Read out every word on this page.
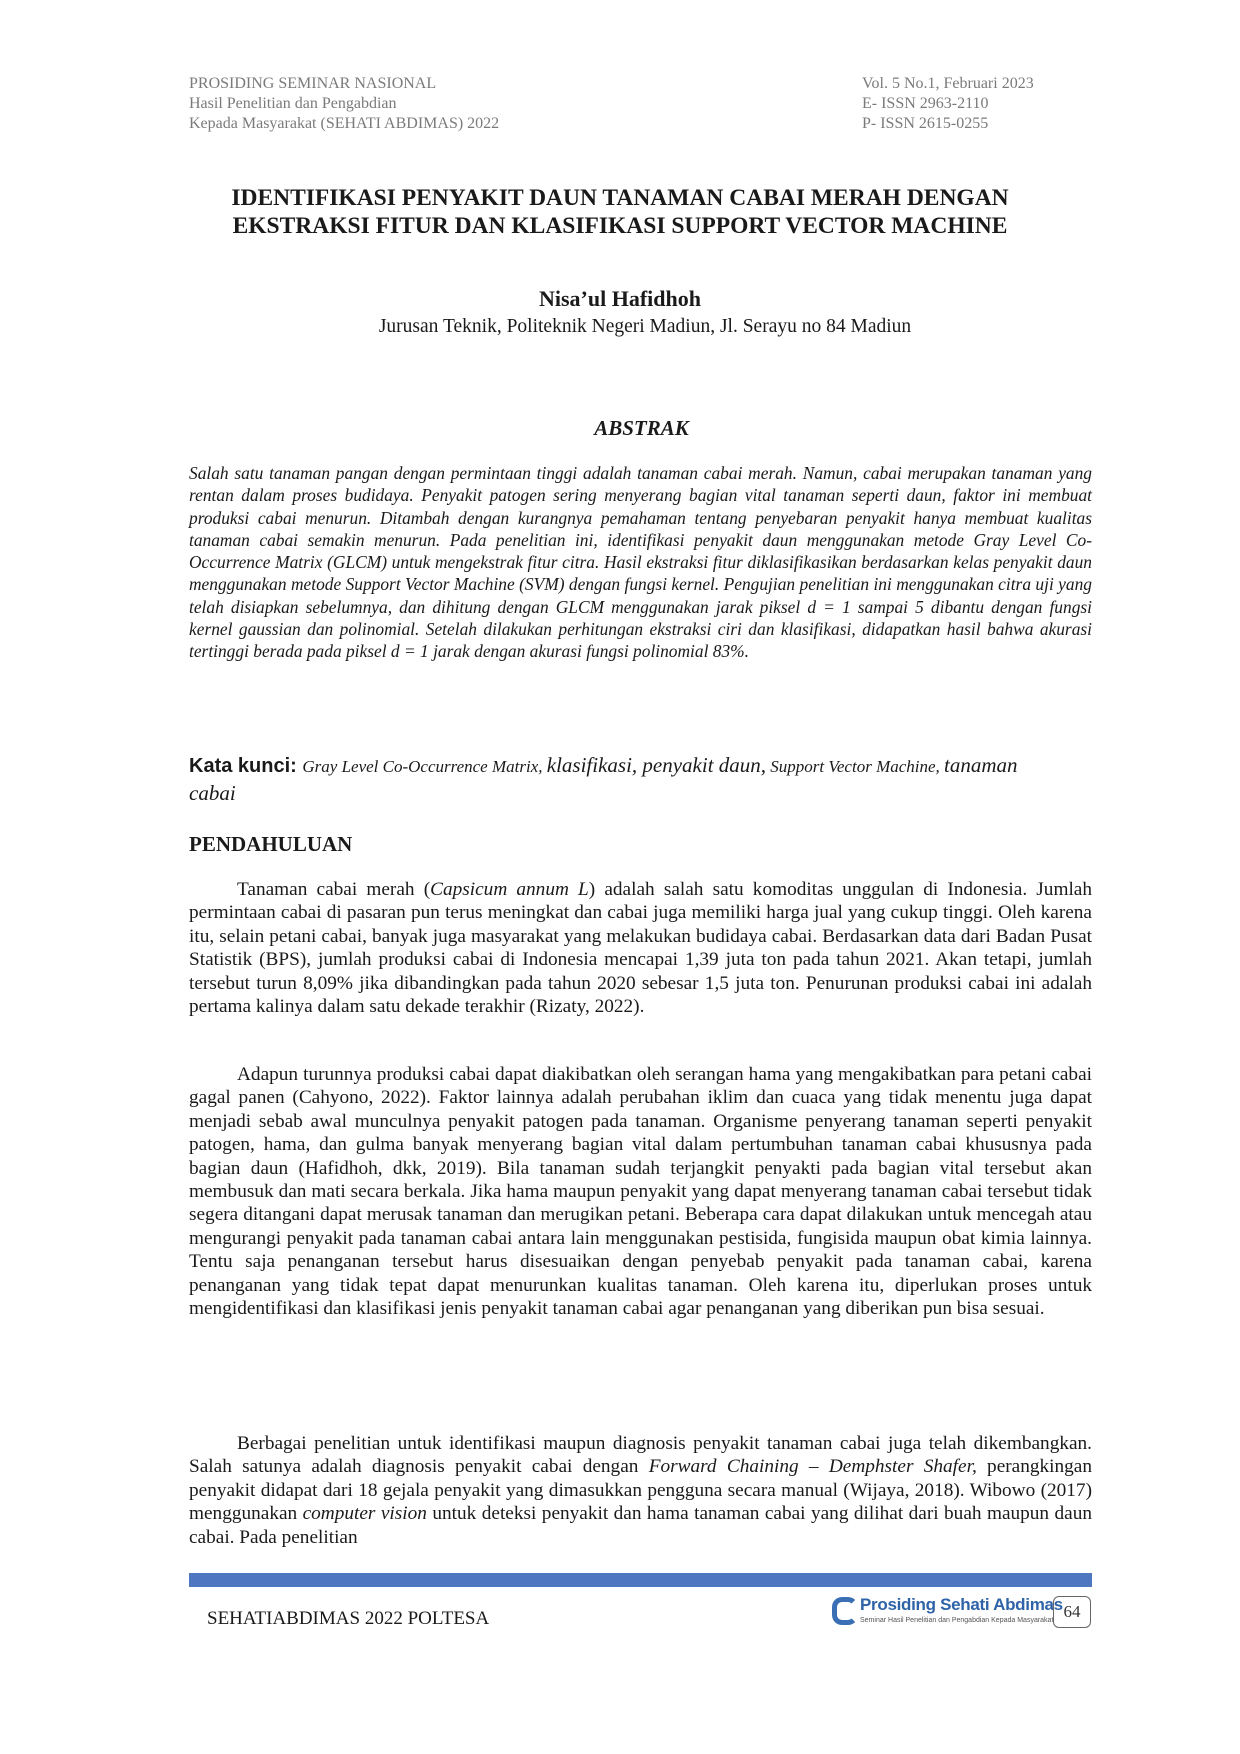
PROSIDING SEMINAR NASIONAL
Hasil Penelitian dan Pengabdian
Kepada Masyarakat (SEHATI ABDIMAS) 2022
Vol. 5 No.1, Februari 2023
E- ISSN 2963-2110
P- ISSN 2615-0255
IDENTIFIKASI PENYAKIT DAUN TANAMAN CABAI MERAH DENGAN
EKSTRAKSI FITUR DAN KLASIFIKASI SUPPORT VECTOR MACHINE
Nisa’ul Hafidhoh
Jurusan Teknik, Politeknik Negeri Madiun, Jl. Serayu no 84 Madiun
ABSTRAK

Salah satu tanaman pangan dengan permintaan tinggi adalah tanaman cabai merah. Namun, cabai merupakan tanaman yang rentan dalam proses budidaya. Penyakit patogen sering menyerang bagian vital tanaman seperti daun, faktor ini membuat produksi cabai menurun. Ditambah dengan kurangnya pemahaman tentang penyebaran penyakit hanya membuat kualitas tanaman cabai semakin menurun. Pada penelitian ini, identifikasi penyakit daun menggunakan metode Gray Level Co-Occurrence Matrix (GLCM) untuk mengekstrak fitur citra. Hasil ekstraksi fitur diklasifikasikan berdasarkan kelas penyakit daun menggunakan metode Support Vector Machine (SVM) dengan fungsi kernel. Pengujian penelitian ini menggunakan citra uji yang telah disiapkan sebelumnya, dan dihitung dengan GLCM menggunakan jarak piksel d = 1 sampai 5 dibantu dengan fungsi kernel gaussian dan polinomial. Setelah dilakukan perhitungan ekstraksi ciri dan klasifikasi, didapatkan hasil bahwa akurasi tertinggi berada pada piksel d = 1 jarak dengan akurasi fungsi polinomial 83%.

Kata kunci: Gray Level Co-Occurrence Matrix, klasifikasi, penyakit daun, Support Vector Machine, tanaman cabai
PENDAHULUAN

Tanaman cabai merah (Capsicum annum L) adalah salah satu komoditas unggulan di Indonesia. Jumlah permintaan cabai di pasaran pun terus meningkat dan cabai juga memiliki harga jual yang cukup tinggi. Oleh karena itu, selain petani cabai, banyak juga masyarakat yang melakukan budidaya cabai. Berdasarkan data dari Badan Pusat Statistik (BPS), jumlah produksi cabai di Indonesia mencapai 1,39 juta ton pada tahun 2021. Akan tetapi, jumlah tersebut turun 8,09% jika dibandingkan pada tahun 2020 sebesar 1,5 juta ton. Penurunan produksi cabai ini adalah pertama kalinya dalam satu dekade terakhir (Rizaty, 2022).

Adapun turunnya produksi cabai dapat diakibatkan oleh serangan hama yang mengakibatkan para petani cabai gagal panen (Cahyono, 2022). Faktor lainnya adalah perubahan iklim dan cuaca yang tidak menentu juga dapat menjadi sebab awal munculnya penyakit patogen pada tanaman. Organisme penyerang tanaman seperti penyakit patogen, hama, dan gulma banyak menyerang bagian vital dalam pertumbuhan tanaman cabai khususnya pada bagian daun (Hafidhoh, dkk, 2019). Bila tanaman sudah terjangkit penyakti pada bagian vital tersebut akan membusuk dan mati secara berkala. Jika hama maupun penyakit yang dapat menyerang tanaman cabai tersebut tidak segera ditangani dapat merusak tanaman dan merugikan petani. Beberapa cara dapat dilakukan untuk mencegah atau mengurangi penyakit pada tanaman cabai antara lain menggunakan pestisida, fungisida maupun obat kimia lainnya. Tentu saja penanganan tersebut harus disesuaikan dengan penyebab penyakit pada tanaman cabai, karena penanganan yang tidak tepat dapat menurunkan kualitas tanaman. Oleh karena itu, diperlukan proses untuk mengidentifikasi dan klasifikasi jenis penyakit tanaman cabai agar penanganan yang diberikan pun bisa sesuai.

Berbagai penelitian untuk identifikasi maupun diagnosis penyakit tanaman cabai juga telah dikembangkan. Salah satunya adalah diagnosis penyakit cabai dengan Forward Chaining – Demphster Shafer, perangkingan penyakit didapat dari 18 gejala penyakit yang dimasukkan pengguna secara manual (Wijaya, 2018). Wibowo (2017) menggunakan computer vision untuk deteksi penyakit dan hama tanaman cabai yang dilihat dari buah maupun daun cabai. Pada penelitian

SEHATIABDIMAS 2022 POLTESA
Prosiding Sehati Abdimas
Seminar Hasil Penelitian dan Pengabdian Kepada Masyarakat 64
